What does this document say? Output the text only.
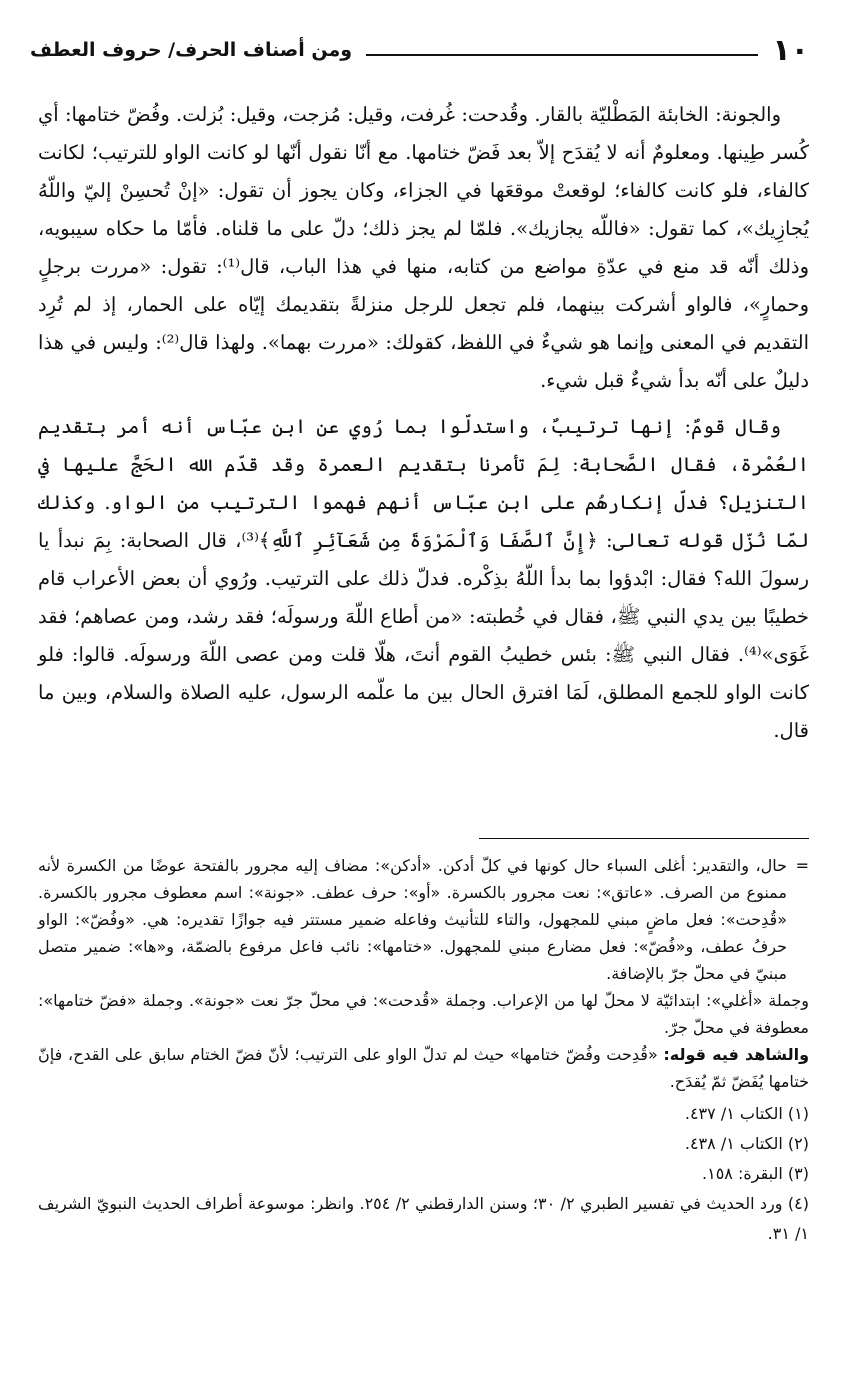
١٠
ومن أصناف الحرف/ حروف العطف

والجونة: الخابئة المَطْليّة بالقار. وقُدحت: غُرفت، وقيل: مُزجت، وقيل: بُزلت. وفُضّ ختامها: أي كُسر طِينها. ومعلومٌ أنه لا يُقدَح إلاّ بعد فَضّ ختامها. مع أنّا نقول أنّها لو كانت الواو للترتيب؛ لكانت كالفاء، فلو كانت كالفاء؛ لوقعتْ موقعَها في الجزاء، وكان يجوز أن تقول: «إنْ تُحسِنْ إليّ واللّهُ يُجازِيك»، كما تقول: «فاللّه يجازيك». فلمّا لم يجز ذلك؛ دلّ على ما قلناه. فأمّا ما حكاه سيبويه، وذلك أنّه قد منع في عدّةِ مواضع من كتابه، منها في هذا الباب، قال⁽¹⁾: تقول: «مررت برجلٍ وحمارٍ»، فالواو أشركت بينهما، فلم تجعل للرجل منزلةً بتقديمك إيّاه على الحمار، إذ لم تُرِد التقديم في المعنى وإنما هو شيءٌ في اللفظ، كقولك: «مررت بهما». ولهذا قال⁽²⁾: وليس في هذا دليلٌ على أنّه بدأ شيءٌ قبل شيء.

وقال قومٌ: إنها ترتيبٌ، واستدلّوا بما رُوي عن ابن عبّاس أنه أمر بتقديم العُمْرة، فقال الصَّحابة: لِمَ تأمرنا بتقديم العمرة وقد قدّم الله الحَجَّ عليها في التنزيل؟ فدلّ إنكارهُم على ابن عبّاس أنهم فهموا الترتيب من الواو. وكذلك لمّا نُزّل قوله تعالى: ﴿إِنَّ ٱلصَّفَا وَٱلْمَرْوَةَ مِن شَعَآئِرِ ٱللَّهِ﴾⁽³⁾، قال الصحابة: بِمَ نبدأ يا رسولَ الله؟ فقال: ابْدؤوا بما بدأ اللّهُ بذِكْره. فدلّ ذلك على الترتيب. ورُوي أن بعض الأعراب قام خطيبًا بين يدي النبي ﷺ، فقال في خُطبته: «من أطاع اللّهَ ورسولَه؛ فقد رشد، ومن عصاهم؛ فقد غَوَى»⁽⁴⁾. فقال النبي ﷺ: بئس خطيبُ القوم أنتَ، هلّا قلت ومن عصى اللّهَ ورسولَه. قالوا: فلو كانت الواو للجمع المطلق، لَمَا افترق الحال بين ما علّمه الرسول، عليه الصلاة والسلام، وبين ما قال.

=
حال، والتقدير: أغلى السباء حال كونها في كلّ أدكن. «أدكن»: مضاف إليه مجرور بالفتحة عوضًا من الكسرة لأنه ممنوع من الصرف. «عاتق»: نعت مجرور بالكسرة. «أو»: حرف عطف. «جونة»: اسم معطوف مجرور بالكسرة. «قُدِحت»: فعل ماضٍ مبني للمجهول، والتاء للتأنيث وفاعله ضمير مستتر فيه جوازًا تقديره: هي. «وفُضّ»: الواو حرفُ عطف، و«فُضّ»: فعل مضارع مبني للمجهول. «ختامها»: نائب فاعل مرفوع بالضمّة، و«ها»: ضمير متصل مبنيّ في محلّ جرّ بالإضافة.

وجملة «أغلي»: ابتدائيّة لا محلّ لها من الإعراب. وجملة «قُدحت»: في محلّ جرّ نعت «جونة». وجملة «فضّ ختامها»: معطوفة في محلّ جرّ.

والشاهد فيه قوله: «قُدِحت وفُضّ ختامها» حيث لم تدلّ الواو على الترتيب؛ لأنّ فضّ الختام سابق على القدح، فإنّ ختامها يُفَضّ ثمّ يُقدَح.

(١) الكتاب ١/ ٤٣٧.

(٢) الكتاب ١/ ٤٣٨.

(٣) البقرة: ١٥٨.

(٤) ورد الحديث في تفسير الطبري ٢/ ٣٠؛ وسنن الدارقطني ٢/ ٢٥٤. وانظر: موسوعة أطراف الحديث النبويّ الشريف ١/ ٣١.
